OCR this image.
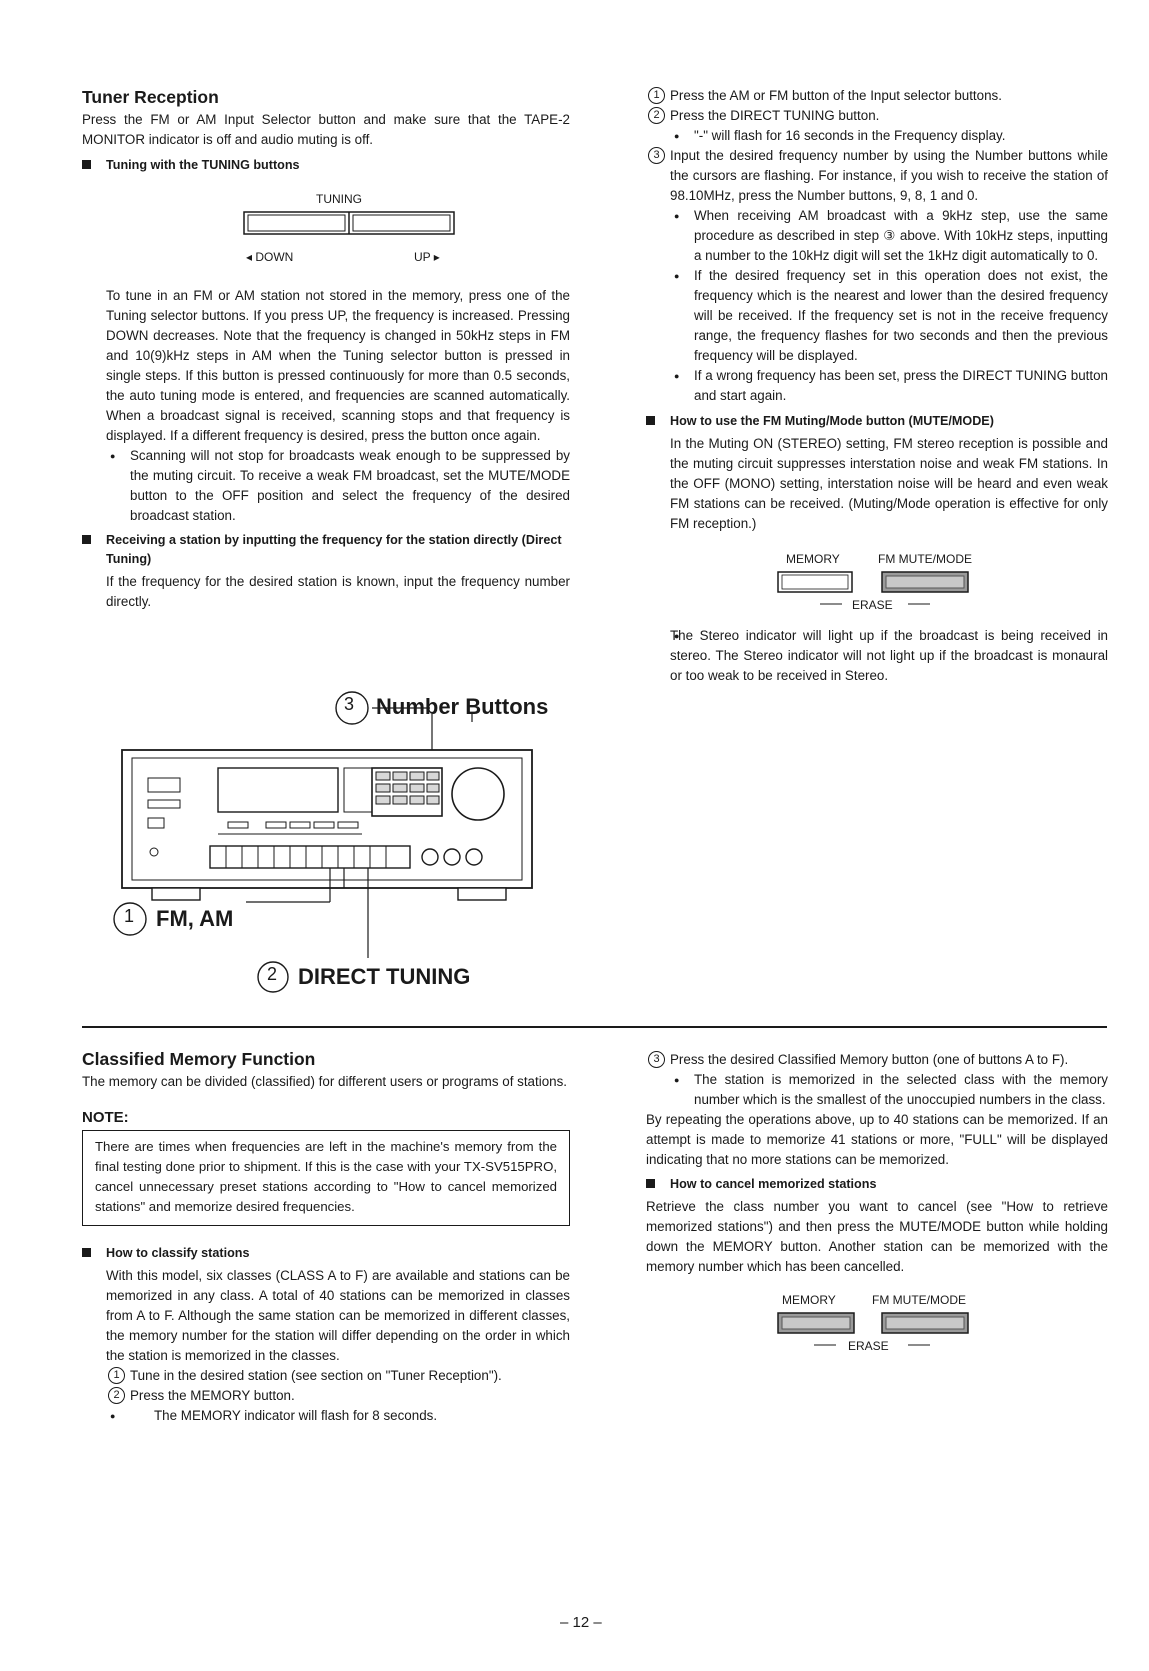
Tuner Reception

Press the FM or AM Input Selector button and make sure that the TAPE-2 MONITOR indicator is off and audio muting is off.

Tuning with the TUNING buttons
TUNING
◂ DOWN	UP ▸

To tune in an FM or AM station not stored in the memory, press one of the Tuning selector buttons. If you press UP, the frequency is increased. Pressing DOWN decreases. Note that the frequency is changed in 50kHz steps in FM and 10(9)kHz steps in AM when the Tuning selector button is pressed in single steps. If this button is pressed continuously for more than 0.5 seconds, the auto tuning mode is entered, and frequencies are scanned automatically. When a broadcast signal is received, scanning stops and that frequency is displayed. If a different frequency is desired, press the button once again.

● Scanning will not stop for broadcasts weak enough to be suppressed by the muting circuit. To receive a weak FM broadcast, set the MUTE/MODE button to the OFF position and select the frequency of the desired broadcast station.
Receiving a station by inputting the frequency for the station directly (Direct Tuning)

If the frequency for the desired station is known, input the frequency number directly.

3 Number Buttons
1 FM, AM
2 DIRECT TUNING
1 Press the AM or FM button of the Input selector buttons.
2 Press the DIRECT TUNING button.
● "-" will flash for 16 seconds in the Frequency display.
3 Input the desired frequency number by using the Number buttons while the cursors are flashing. For instance, if you wish to receive the station of 98.10MHz, press the Number buttons, 9, 8, 1 and 0.
● When receiving AM broadcast with a 9kHz step, use the same procedure as described in step ③ above. With 10kHz steps, inputting a number to the 10kHz digit will set the 1kHz digit automatically to 0.
● If the desired frequency set in this operation does not exist, the frequency which is the nearest and lower than the desired frequency will be received. If the frequency set is not in the receive frequency range, the frequency flashes for two seconds and then the previous frequency will be displayed.
● If a wrong frequency has been set, press the DIRECT TUNING button and start again.
How to use the FM Muting/Mode button (MUTE/MODE)

In the Muting ON (STEREO) setting, FM stereo reception is possible and the muting circuit suppresses interstation noise and weak FM stations. In the OFF (MONO) setting, interstation noise will be heard and even weak FM stations can be received. (Muting/Mode operation is effective for only FM reception.)

MEMORY	FM MUTE/MODE
ERASE
● The Stereo indicator will light up if the broadcast is being received in stereo. The Stereo indicator will not light up if the broadcast is monaural or too weak to be received in Stereo.
Classified Memory Function

The memory can be divided (classified) for different users or programs of stations.

NOTE:
There are times when frequencies are left in the machine's memory from the final testing done prior to shipment. If this is the case with your TX-SV515PRO, cancel unnecessary preset stations according to "How to cancel memorized stations" and memorize desired frequencies.
How to classify stations

With this model, six classes (CLASS A to F) are available and stations can be memorized in any class. A total of 40 stations can be memorized in classes from A to F. Although the same station can be memorized in different classes, the memory number for the station will differ depending on the order in which the station is memorized in the classes.

1 Tune in the desired station (see section on "Tuner Reception").
2 Press the MEMORY button.
● The MEMORY indicator will flash for 8 seconds.
3 Press the desired Classified Memory button (one of buttons A to F).
● The station is memorized in the selected class with the memory number which is the smallest of the unoccupied numbers in the class.

By repeating the operations above, up to 40 stations can be memorized. If an attempt is made to memorize 41 stations or more, "FULL" will be displayed indicating that no more stations can be memorized.

How to cancel memorized stations

Retrieve the class number you want to cancel (see "How to retrieve memorized stations") and then press the MUTE/MODE button while holding down the MEMORY button. Another station can be memorized with the memory number which has been cancelled.

MEMORY	FM MUTE/MODE
ERASE
– 12 –
